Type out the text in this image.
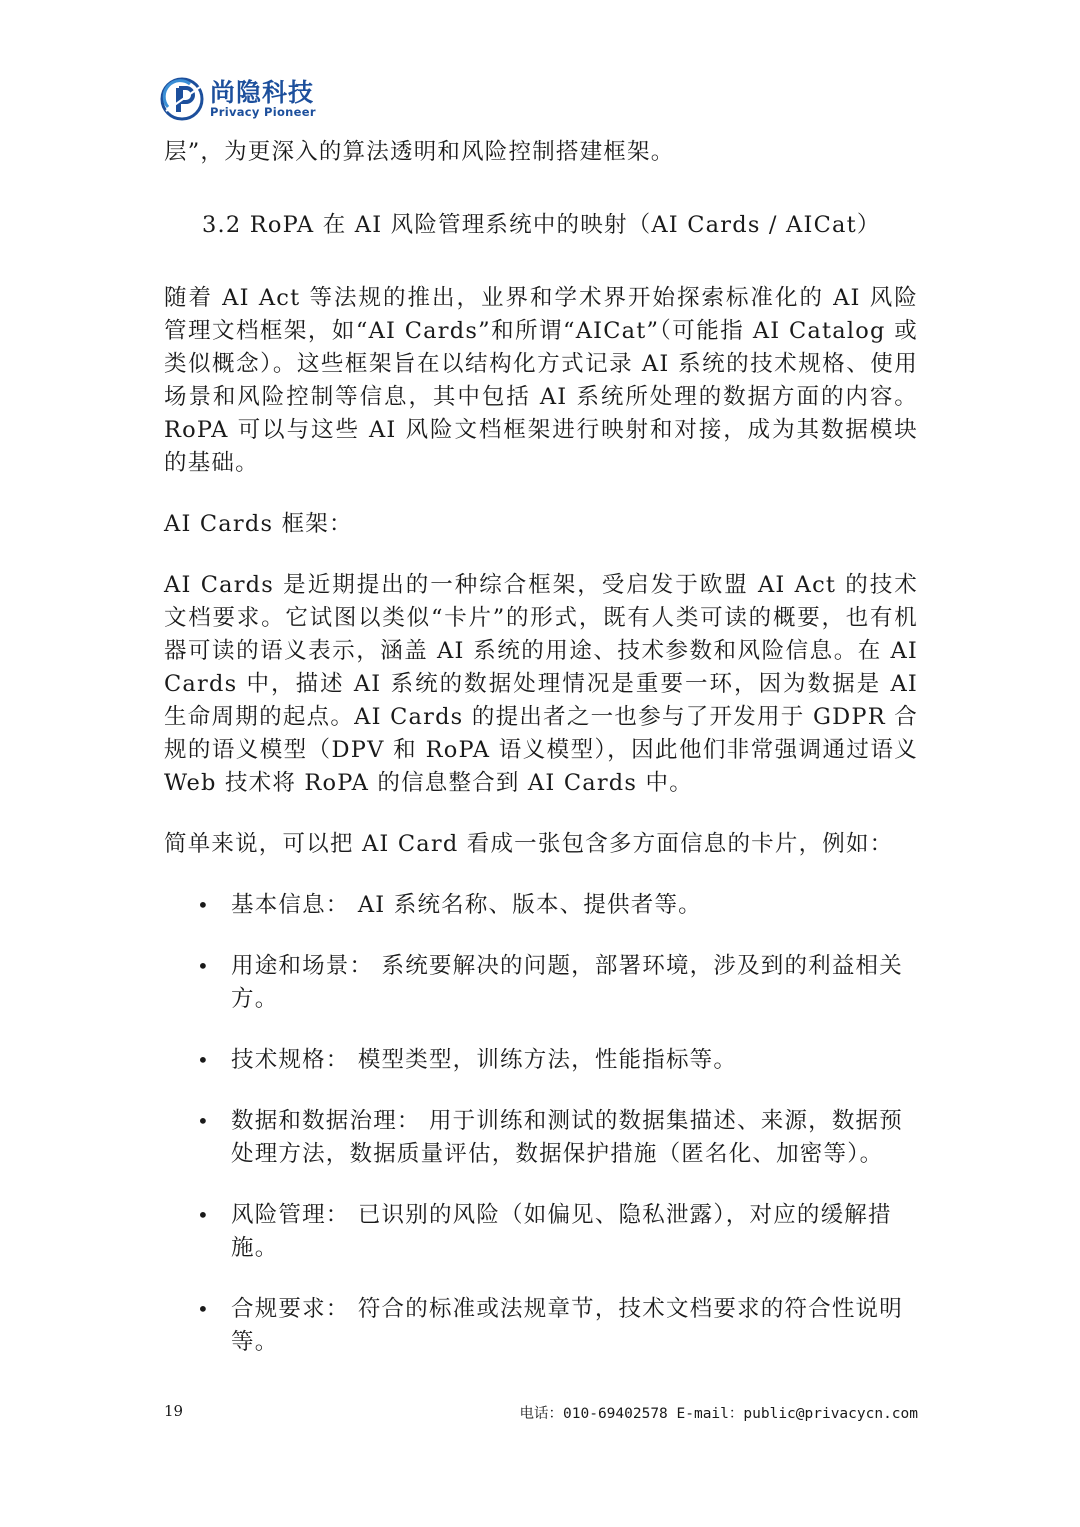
尚隐科技
Privacy Pioneer

层”，为更深入的算法透明和风险控制搭建框架。

3.2 RoPA 在 AI 风险管理系统中的映射（AI Cards / AICat）

随着 AI Act 等法规的推出，业界和学术界开始探索标准化的 AI 风险管理文档框架，如“AI Cards”和所谓“AICat”（可能指 AI Catalog 或类似概念）。这些框架旨在以结构化方式记录 AI 系统的技术规格、使用场景和风险控制等信息，其中包括 AI 系统所处理的数据方面的内容。RoPA 可以与这些 AI 风险文档框架进行映射和对接，成为其数据模块的基础。

AI Cards 框架：

AI Cards 是近期提出的一种综合框架，受启发于欧盟 AI Act 的技术文档要求。它试图以类似“卡片”的形式，既有人类可读的概要，也有机器可读的语义表示，涵盖 AI 系统的用途、技术参数和风险信息。在 AI Cards 中，描述 AI 系统的数据处理情况是重要一环，因为数据是 AI 生命周期的起点。AI Cards 的提出者之一也参与了开发用于 GDPR 合规的语义模型（DPV 和 RoPA 语义模型），因此他们非常强调通过语义 Web 技术将 RoPA 的信息整合到 AI Cards 中。

简单来说，可以把 AI Card 看成一张包含多方面信息的卡片，例如：

• 基本信息： AI 系统名称、版本、提供者等。
• 用途和场景： 系统要解决的问题，部署环境，涉及到的利益相关方。
• 技术规格： 模型类型，训练方法，性能指标等。
• 数据和数据治理： 用于训练和测试的数据集描述、来源，数据预处理方法，数据质量评估，数据保护措施（匿名化、加密等）。
• 风险管理： 已识别的风险（如偏见、隐私泄露），对应的缓解措施。
• 合规要求： 符合的标准或法规章节，技术文档要求的符合性说明等。
19	电话：010-69402578 E-mail：public@privacycn.com
